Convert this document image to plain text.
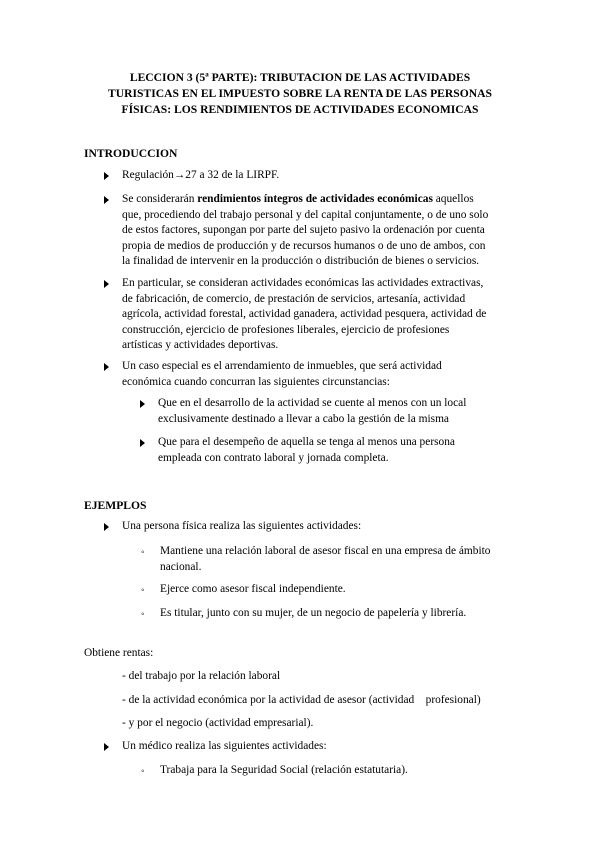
LECCION 3 (5ª PARTE): TRIBUTACION DE LAS ACTIVIDADES
TURISTICAS EN EL IMPUESTO SOBRE LA RENTA DE LAS PERSONAS
FÍSICAS: LOS RENDIMIENTOS DE ACTIVIDADES ECONOMICAS
INTRODUCCION
Regulación→27 a 32 de la LIRPF.
Se considerarán rendimientos íntegros de actividades económicas aquellos
que, procediendo del trabajo personal y del capital conjuntamente, o de uno solo
de estos factores, supongan por parte del sujeto pasivo la ordenación por cuenta
propia de medios de producción y de recursos humanos o de uno de ambos, con
la finalidad de intervenir en la producción o distribución de bienes o servicios.
En particular, se consideran actividades económicas las actividades extractivas,
de fabricación, de comercio, de prestación de servicios, artesanía, actividad
agrícola, actividad forestal, actividad ganadera, actividad pesquera, actividad de
construcción, ejercicio de profesiones liberales, ejercicio de profesiones
artísticas y actividades deportivas.
Un caso especial es el arrendamiento de inmuebles, que será actividad
económica cuando concurran las siguientes circunstancias:
Que en el desarrollo de la actividad se cuente al menos con un local
exclusivamente destinado a llevar a cabo la gestión de la misma
Que para el desempeño de aquella se tenga al menos una persona
empleada con contrato laboral y jornada completa.
EJEMPLOS
Una persona física realiza las siguientes actividades:
◦ Mantiene una relación laboral de asesor fiscal en una empresa de ámbito
nacional.
◦ Ejerce como asesor fiscal independiente.
◦ Es titular, junto con su mujer, de un negocio de papelería y librería.
Obtiene rentas:
- del trabajo por la relación laboral
- de la actividad económica por la actividad de asesor (actividad    profesional)
- y por el negocio (actividad empresarial).
Un médico realiza las siguientes actividades:
◦ Trabaja para la Seguridad Social (relación estatutaria).
